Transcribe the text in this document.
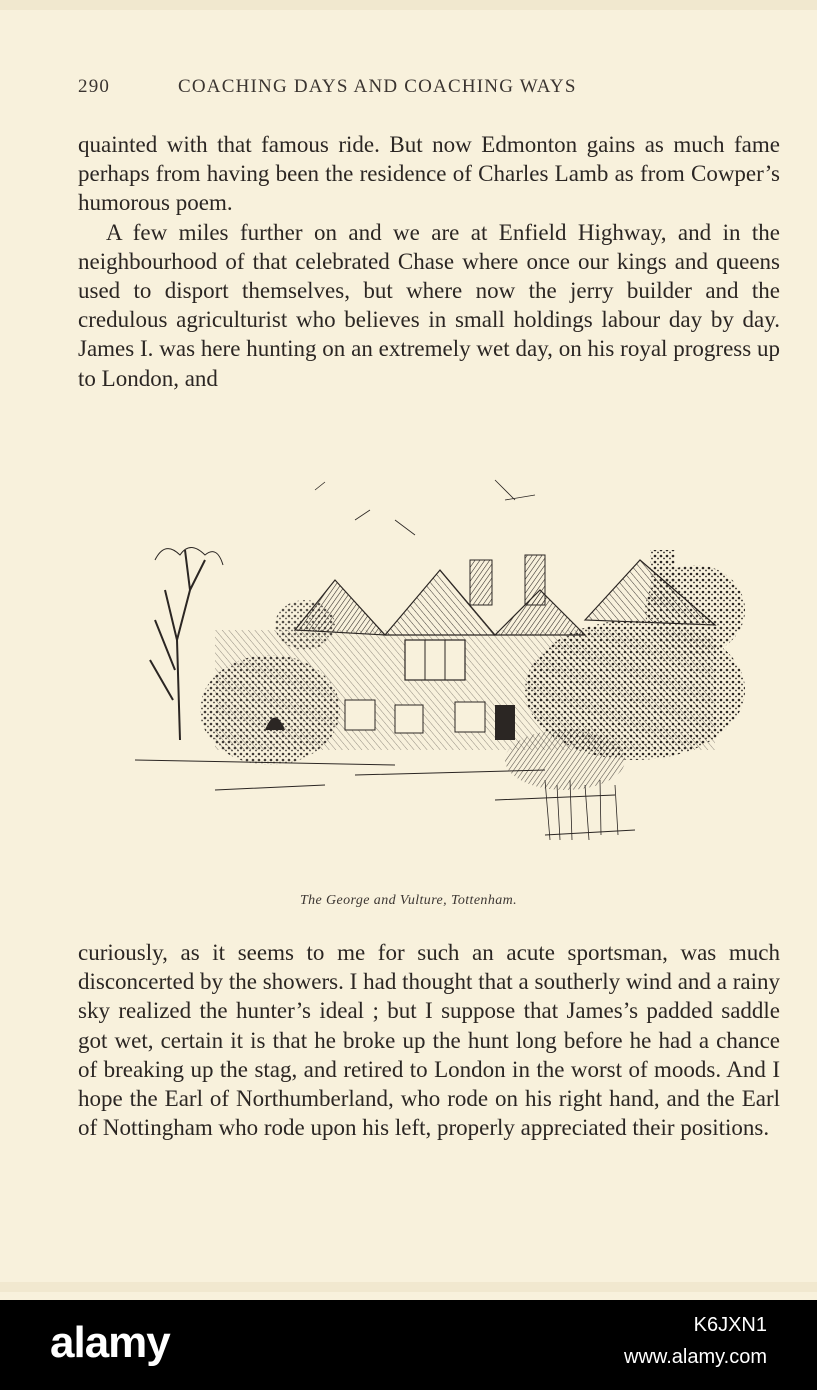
290	COACHING DAYS AND COACHING WAYS

quainted with that famous ride. But now Edmonton gains as much fame perhaps from having been the residence of Charles Lamb as from Cowper’s humorous poem.

A few miles further on and we are at Enfield Highway, and in the neighbourhood of that celebrated Chase where once our kings and queens used to disport themselves, but where now the jerry builder and the credulous agriculturist who believes in small holdings labour day by day. James I. was here hunting on an extremely wet day, on his royal progress up to London, and

The George and Vulture, Tottenham.

curiously, as it seems to me for such an acute sportsman, was much disconcerted by the showers. I had thought that a southerly wind and a rainy sky realized the hunter’s ideal ; but I suppose that James’s padded saddle got wet, certain it is that he broke up the hunt long before he had a chance of breaking up the stag, and retired to London in the worst of moods. And I hope the Earl of Northumberland, who rode on his right hand, and the Earl of Nottingham who rode upon his left, properly appreciated their positions.

alamy	K6JXN1
www.alamy.com
